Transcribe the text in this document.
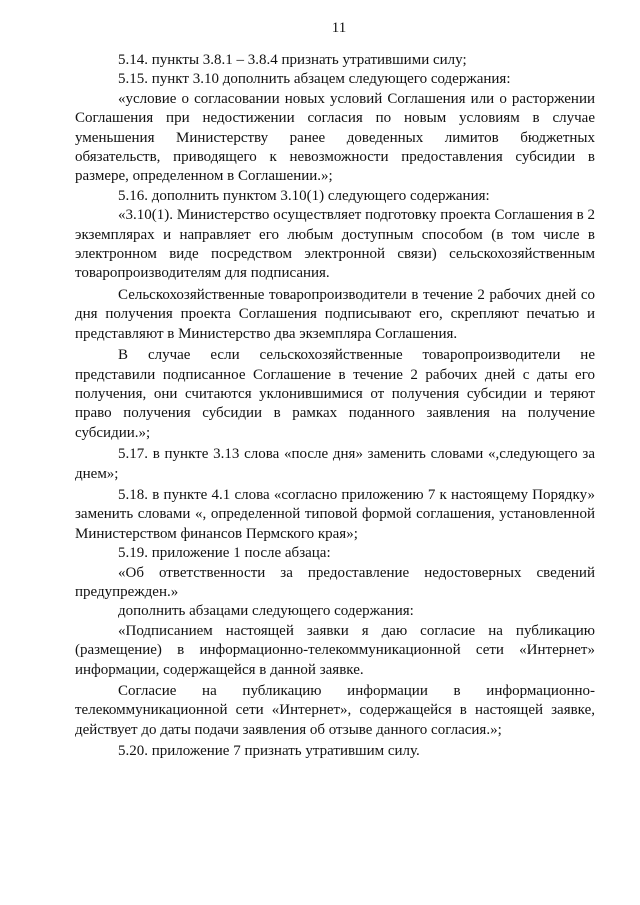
11

5.14. пункты 3.8.1 – 3.8.4 признать утратившими силу;

5.15. пункт 3.10 дополнить абзацем следующего содержания:

«условие о согласовании новых условий Соглашения или о расторжении Соглашения при недостижении согласия по новым условиям в случае уменьшения Министерству ранее доведенных лимитов бюджетных обязательств, приводящего к невозможности предоставления субсидии в размере, определенном в Соглашении.»;

5.16. дополнить пунктом 3.10(1) следующего содержания:

«3.10(1). Министерство осуществляет подготовку проекта Соглашения в 2 экземплярах и направляет его любым доступным способом (в том числе в электронном виде посредством электронной связи) сельскохозяйственным товаропроизводителям для подписания.

Сельскохозяйственные товаропроизводители в течение 2 рабочих дней со дня получения проекта Соглашения подписывают его, скрепляют печатью и представляют в Министерство два экземпляра Соглашения.

В случае если сельскохозяйственные товаропроизводители не представили подписанное Соглашение в течение 2 рабочих дней с даты его получения, они считаются уклонившимися от получения субсидии и теряют право получения субсидии в рамках поданного заявления на получение субсидии.»;

5.17. в пункте 3.13 слова «после дня» заменить словами «,следующего за днем»;

5.18. в пункте 4.1 слова «согласно приложению 7 к настоящему Порядку» заменить словами «, определенной типовой формой соглашения, установленной Министерством финансов Пермского края»;

5.19. приложение 1 после абзаца:

«Об ответственности за предоставление недостоверных сведений предупрежден.»

дополнить абзацами следующего содержания:

«Подписанием настоящей заявки я даю согласие на публикацию (размещение) в информационно-телекоммуникационной сети «Интернет» информации, содержащейся в данной заявке.

Согласие на публикацию информации в информационно-телекоммуникационной сети «Интернет», содержащейся в настоящей заявке, действует до даты подачи заявления об отзыве данного согласия.»;

5.20. приложение 7 признать утратившим силу.
